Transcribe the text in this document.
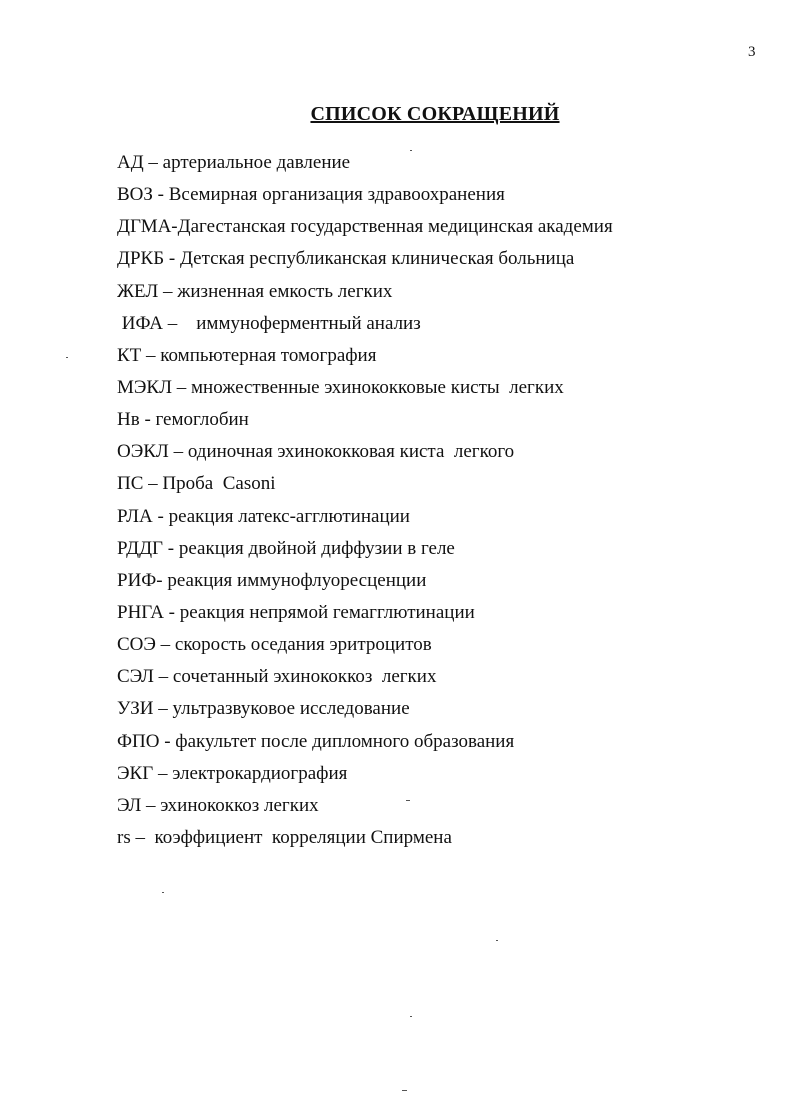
3
СПИСОК СОКРАЩЕНИЙ
АД – артериальное давление
ВОЗ - Всемирная организация здравоохранения
ДГМА-Дагестанская государственная медицинская академия
ДРКБ - Детская республиканская клиническая больница
ЖЕЛ – жизненная емкость легких
ИФА –    иммуноферментный анализ
КТ – компьютерная томография
МЭКЛ – множественные эхинококковые кисты  легких
Нв - гемоглобин
ОЭКЛ – одиночная эхинококковая киста  легкого
ПС – Проба  Casoni
РЛА - реакция латекс-агглютинации
РДДГ - реакция двойной диффузии в геле
РИФ- реакция иммунофлуоресценции
РНГА - реакция непрямой гемагглютинации
СОЭ – скорость оседания эритроцитов
СЭЛ – сочетанный эхинококкоз  легких
УЗИ – ультразвуковое исследование
ФПО - факультет после дипломного образования
ЭКГ – электрокардиография
ЭЛ – эхинококкоз легких
rs –  коэффициент  корреляции Спирмена
